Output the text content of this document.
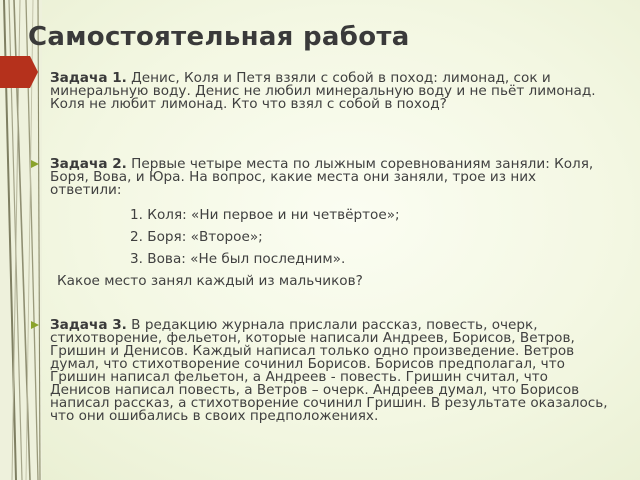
Самостоятельная работа

Задача 1. Денис, Коля и Петя взяли с собой в поход: лимонад, сок и минеральную воду. Денис не любил минеральную воду и не пьёт лимонад. Коля не любит лимонад. Кто что взял с собой в поход?

Задача 2. Первые четыре места по лыжным соревнованиям заняли: Коля, Боря, Вова, и Юра. На вопрос, какие места они заняли, трое из них ответили:

1. Коля: «Ни первое и ни четвёртое»;

2. Боря: «Второе»;

3. Вова: «Не был последним».

Какое место занял каждый из мальчиков?

Задача 3. В редакцию журнала прислали рассказ, повесть, очерк, стихотворение, фельетон, которые написали Андреев, Борисов, Ветров, Гришин и Денисов. Каждый написал только одно произведение. Ветров думал, что стихотворение сочинил Борисов. Борисов предполагал, что Гришин написал фельетон, а Андреев - повесть. Гришин считал, что Денисов написал повесть, а Ветров – очерк. Андреев думал, что Борисов написал рассказ, а стихотворение сочинил Гришин. В результате оказалось, что они ошибались в своих предположениях.
